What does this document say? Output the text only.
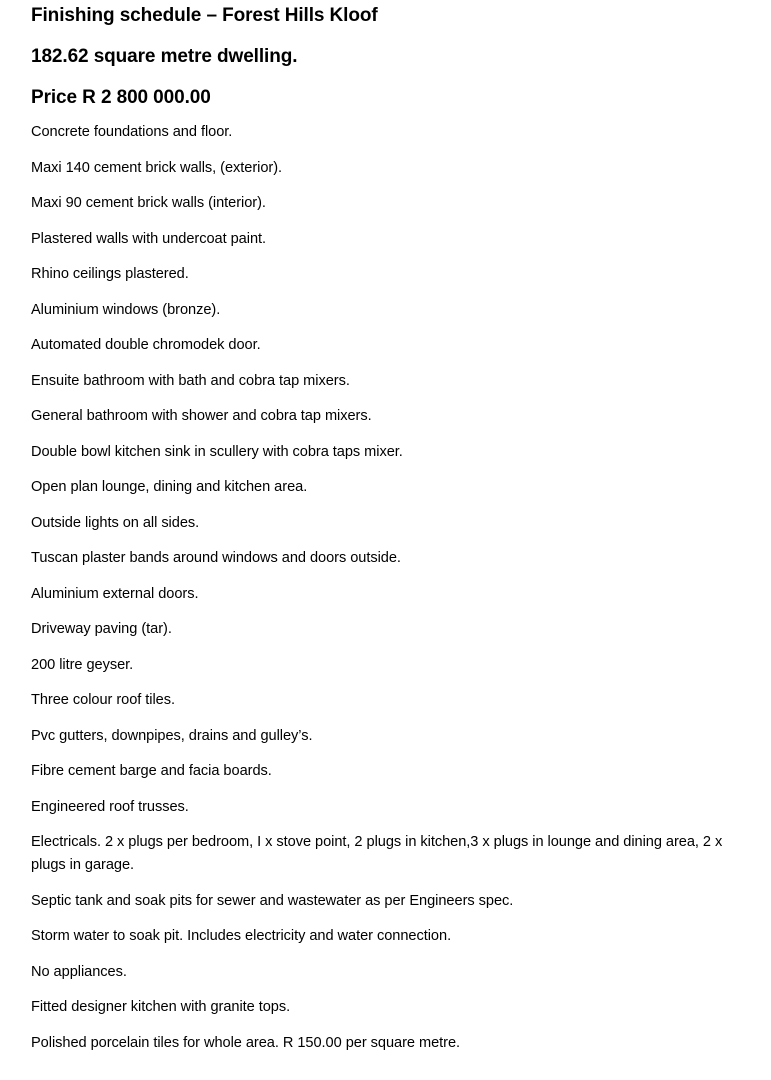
Finishing schedule – Forest Hills Kloof

182.62 square metre dwelling.

Price R 2 800 000.00

Concrete foundations and floor.
Maxi 140 cement brick walls, (exterior).
Maxi 90 cement brick walls (interior).
Plastered walls with undercoat paint.
Rhino ceilings plastered.
Aluminium windows (bronze).
Automated double chromodek door.
Ensuite bathroom with bath and cobra tap mixers.
General bathroom with shower and cobra tap mixers.
Double bowl kitchen sink in scullery with cobra taps mixer.
Open plan lounge, dining and kitchen area.
Outside lights on all sides.
Tuscan plaster bands around windows and doors outside.
Aluminium external doors.
Driveway paving (tar).
200 litre geyser.
Three colour roof tiles.
Pvc gutters, downpipes, drains and gulley’s.
Fibre cement barge and facia boards.
Engineered roof trusses.
Electricals. 2 x plugs per bedroom, I x stove point, 2 plugs in kitchen,3 x plugs in lounge and dining area, 2 x plugs in garage.
Septic tank and soak pits for sewer and wastewater as per Engineers spec.
Storm water to soak pit. Includes electricity and water connection.
No appliances.
Fitted designer kitchen with granite tops.
Polished porcelain tiles for whole area. R 150.00 per square metre.
